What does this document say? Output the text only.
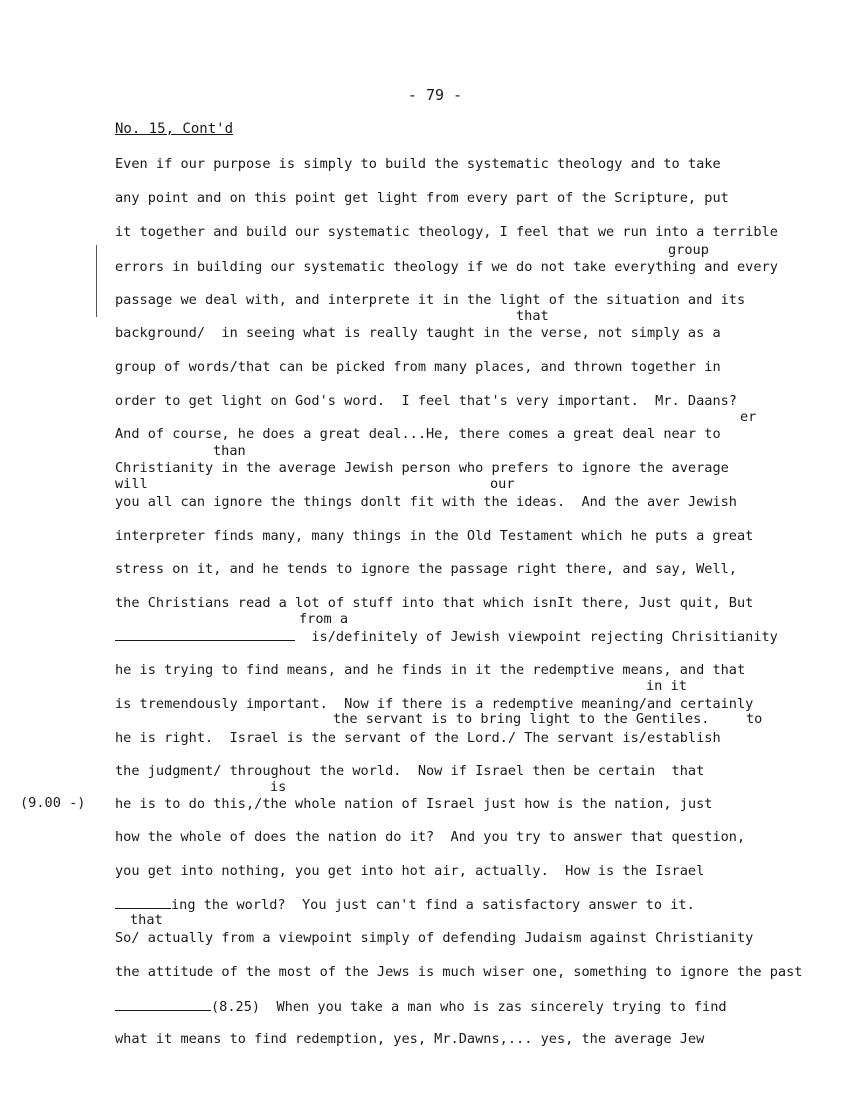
- 79 -
No. 15, Cont'd
group
that
er
than
will	our
from a
in it
the servant is to bring light to the Gentiles.	to
is
that
(9.00 -)
Even if our purpose is simply to build the systematic theology and to take
any point and on this point get light from every part of the Scripture, put
it together and build our systematic theology, I feel that we run into a terrible
errors in building our systematic theology if we do not take everything and every
passage we deal with, and interprete it in the light of the situation and its
background/  in seeing what is really taught in the verse, not simply as a
group of words/that can be picked from many places, and thrown together in
order to get light on God's word.  I feel that's very important.  Mr. Daans?
And of course, he does a great deal...He, there comes a great deal near to
Christianity in the average Jewish person who prefers to ignore the average
you all can ignore the things donlt fit with the ideas.  And the aver Jewish
interpreter finds many, many things in the Old Testament which he puts a great
stress on it, and he tends to ignore the passage right there, and say, Well,
the Christians read a lot of stuff into that which isnIt there, Just quit, But
is/definitely of Jewish viewpoint rejecting Chrisitianity
he is trying to find means, and he finds in it the redemptive means, and that
is tremendously important.  Now if there is a redemptive meaning/and certainly
he is right.  Israel is the servant of the Lord./ The servant is/establish
the judgment/ throughout the world.  Now if Israel then be certain  that
he is to do this,/the whole nation of Israel just how is the nation, just
how the whole of does the nation do it?  And you try to answer that question,
you get into nothing, you get into hot air, actually.  How is the Israel
ing the world?  You just can't find a satisfactory answer to it.
So/ actually from a viewpoint simply of defending Judaism against Christianity
the attitude of the most of the Jews is much wiser one, something to ignore the past
(8.25)  When you take a man who is zas sincerely trying to find
what it means to find redemption, yes, Mr.Dawns,... yes, the average Jew
